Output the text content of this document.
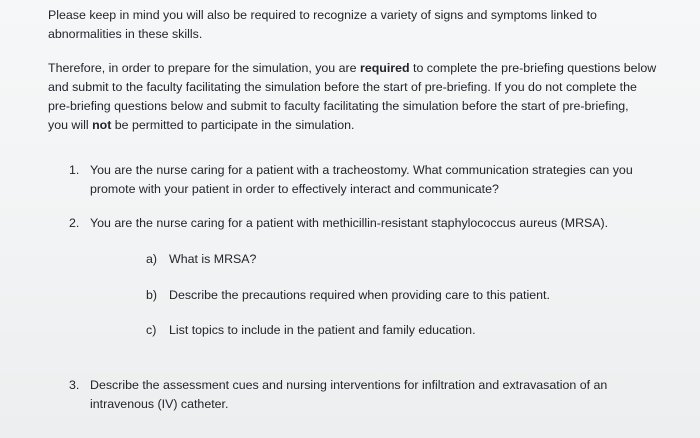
Please keep in mind you will also be required to recognize a variety of signs and symptoms linked to
abnormalities in these skills.

Therefore, in order to prepare for the simulation, you are required to complete the pre-briefing questions below
and submit to the faculty facilitating the simulation before the start of pre-briefing. If you do not complete the
pre-briefing questions below and submit to faculty facilitating the simulation before the start of pre-briefing,
you will not be permitted to participate in the simulation.

1. You are the nurse caring for a patient with a tracheostomy. What communication strategies can you
promote with your patient in order to effectively interact and communicate?
2. You are the nurse caring for a patient with methicillin-resistant staphylococcus aureus (MRSA).
a) What is MRSA?
b) Describe the precautions required when providing care to this patient.
c) List topics to include in the patient and family education.
3. Describe the assessment cues and nursing interventions for infiltration and extravasation of an
intravenous (IV) catheter.
